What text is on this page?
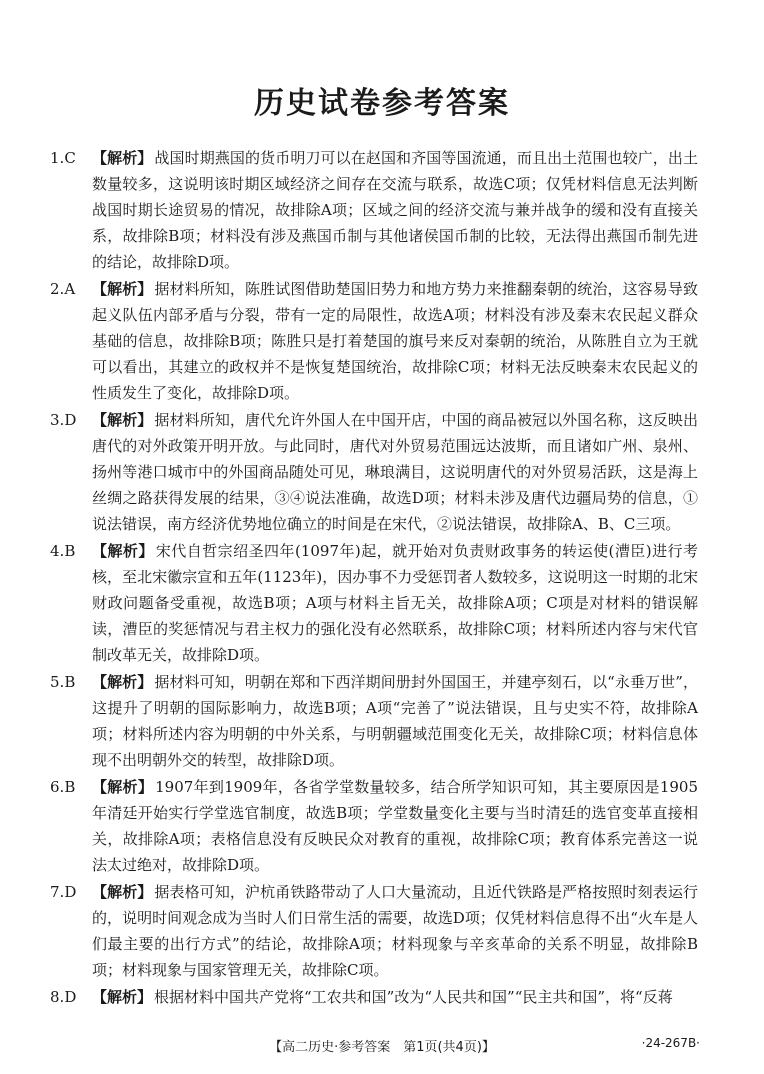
历史试卷参考答案
1.C	【解析】 战国时期燕国的货币明刀可以在赵国和齐国等国流通，而且出土范围也较广，出土数量较多，这说明该时期区域经济之间存在交流与联系，故选C项；仅凭材料信息无法判断战国时期长途贸易的情况，故排除A项；区域之间的经济交流与兼并战争的缓和没有直接关系，故排除B项；材料没有涉及燕国币制与其他诸侯国币制的比较，无法得出燕国币制先进的结论，故排除D项。
2.A	【解析】 据材料所知，陈胜试图借助楚国旧势力和地方势力来推翻秦朝的统治，这容易导致起义队伍内部矛盾与分裂，带有一定的局限性，故选A项；材料没有涉及秦末农民起义群众基础的信息，故排除B项；陈胜只是打着楚国的旗号来反对秦朝的统治，从陈胜自立为王就可以看出，其建立的政权并不是恢复楚国统治，故排除C项；材料无法反映秦末农民起义的性质发生了变化，故排除D项。
3.D	【解析】 据材料所知，唐代允许外国人在中国开店，中国的商品被冠以外国名称，这反映出唐代的对外政策开明开放。与此同时，唐代对外贸易范围远达波斯，而且诸如广州、泉州、扬州等港口城市中的外国商品随处可见，琳琅满目，这说明唐代的对外贸易活跃，这是海上丝绸之路获得发展的结果，③④说法准确，故选D项；材料未涉及唐代边疆局势的信息，①说法错误，南方经济优势地位确立的时间是在宋代，②说法错误，故排除A、B、C三项。
4.B	【解析】 宋代自哲宗绍圣四年(1097年)起，就开始对负责财政事务的转运使(漕臣)进行考核，至北宋徽宗宣和五年(1123年)，因办事不力受惩罚者人数较多，这说明这一时期的北宋财政问题备受重视，故选B项；A项与材料主旨无关，故排除A项；C项是对材料的错误解读，漕臣的奖惩情况与君主权力的强化没有必然联系，故排除C项；材料所述内容与宋代官制改革无关，故排除D项。
5.B	【解析】 据材料可知，明朝在郑和下西洋期间册封外国国王，并建亭刻石，以“永垂万世”，这提升了明朝的国际影响力，故选B项；A项“完善了”说法错误，且与史实不符，故排除A项；材料所述内容为明朝的中外关系，与明朝疆域范围变化无关，故排除C项；材料信息体现不出明朝外交的转型，故排除D项。
6.B	【解析】 1907年到1909年，各省学堂数量较多，结合所学知识可知，其主要原因是1905年清廷开始实行学堂选官制度，故选B项；学堂数量变化主要与当时清廷的选官变革直接相关，故排除A项；表格信息没有反映民众对教育的重视，故排除C项；教育体系完善这一说法太过绝对，故排除D项。
7.D	【解析】 据表格可知，沪杭甬铁路带动了人口大量流动，且近代铁路是严格按照时刻表运行的，说明时间观念成为当时人们日常生活的需要，故选D项；仅凭材料信息得不出“火车是人们最主要的出行方式”的结论，故排除A项；材料现象与辛亥革命的关系不明显，故排除B项；材料现象与国家管理无关，故排除C项。
8.D	【解析】 根据材料中国共产党将“工农共和国”改为“人民共和国”“民主共和国”，将“反蒋
【高二历史·参考答案　第1页(共4页)】	·24-267B·
